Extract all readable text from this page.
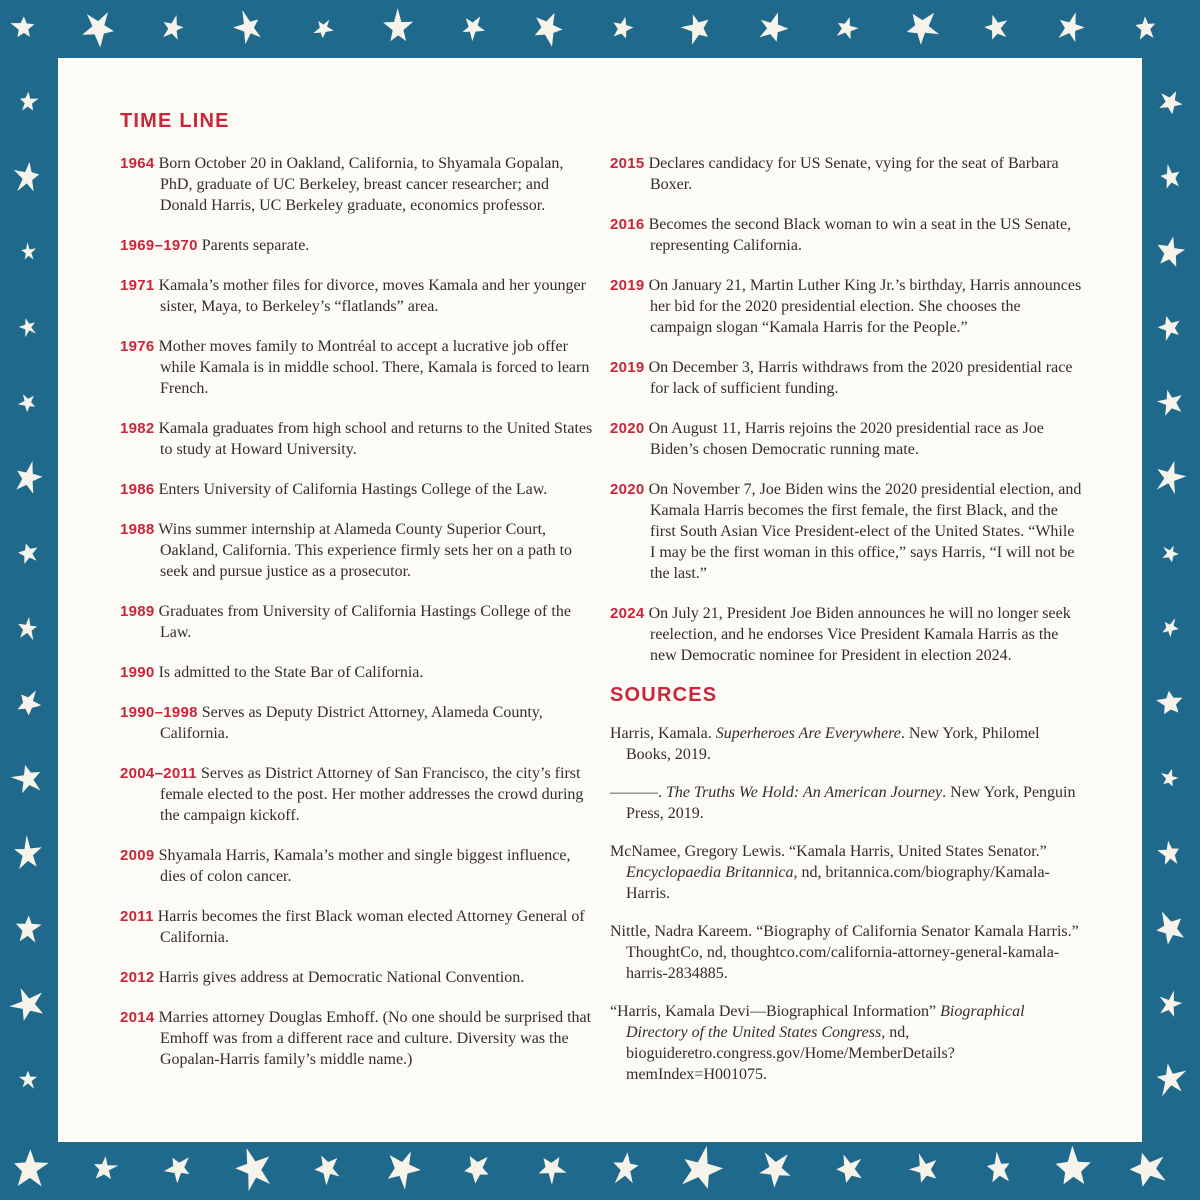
TIME LINE
1964 Born October 20 in Oakland, California, to Shyamala Gopalan, PhD, graduate of UC Berkeley, breast cancer researcher; and Donald Harris, UC Berkeley graduate, economics professor.
1969–1970 Parents separate.
1971 Kamala’s mother files for divorce, moves Kamala and her younger sister, Maya, to Berkeley’s “flatlands” area.
1976 Mother moves family to Montréal to accept a lucrative job offer while Kamala is in middle school. There, Kamala is forced to learn French.
1982 Kamala graduates from high school and returns to the United States to study at Howard University.
1986 Enters University of California Hastings College of the Law.
1988 Wins summer internship at Alameda County Superior Court, Oakland, California. This experience firmly sets her on a path to seek and pursue justice as a prosecutor.
1989 Graduates from University of California Hastings College of the Law.
1990 Is admitted to the State Bar of California.
1990–1998 Serves as Deputy District Attorney, Alameda County, California.
2004–2011 Serves as District Attorney of San Francisco, the city’s first female elected to the post. Her mother addresses the crowd during the campaign kickoff.
2009 Shyamala Harris, Kamala’s mother and single biggest influence, dies of colon cancer.
2011 Harris becomes the first Black woman elected Attorney General of California.
2012 Harris gives address at Democratic National Convention.
2014 Marries attorney Douglas Emhoff. (No one should be surprised that Emhoff was from a different race and culture. Diversity was the Gopalan-Harris family’s middle name.)
2015 Declares candidacy for US Senate, vying for the seat of Barbara Boxer.
2016 Becomes the second Black woman to win a seat in the US Senate, representing California.
2019 On January 21, Martin Luther King Jr.’s birthday, Harris announces her bid for the 2020 presidential election. She chooses the campaign slogan “Kamala Harris for the People.”
2019 On December 3, Harris withdraws from the 2020 presidential race for lack of sufficient funding.
2020 On August 11, Harris rejoins the 2020 presidential race as Joe Biden’s chosen Democratic running mate.
2020 On November 7, Joe Biden wins the 2020 presidential election, and Kamala Harris becomes the first female, the first Black, and the first South Asian Vice President-elect of the United States. “While I may be the first woman in this office,” says Harris, “I will not be the last.”
2024 On July 21, President Joe Biden announces he will no longer seek reelection, and he endorses Vice President Kamala Harris as the new Democratic nominee for President in election 2024.
SOURCES
Harris, Kamala. Superheroes Are Everywhere. New York, Philomel Books, 2019.
———. The Truths We Hold: An American Journey. New York, Penguin Press, 2019.
McNamee, Gregory Lewis. “Kamala Harris, United States Senator.” Encyclopaedia Britannica, nd, britannica.com/biography/Kamala-Harris.
Nittle, Nadra Kareem. “Biography of California Senator Kamala Harris.” ThoughtCo, nd, thoughtco.com/california-attorney-general-kamala-harris-2834885.
“Harris, Kamala Devi—Biographical Information” Biographical Directory of the United States Congress, nd, bioguideretro.congress.gov/Home/MemberDetails?memIndex=H001075.
